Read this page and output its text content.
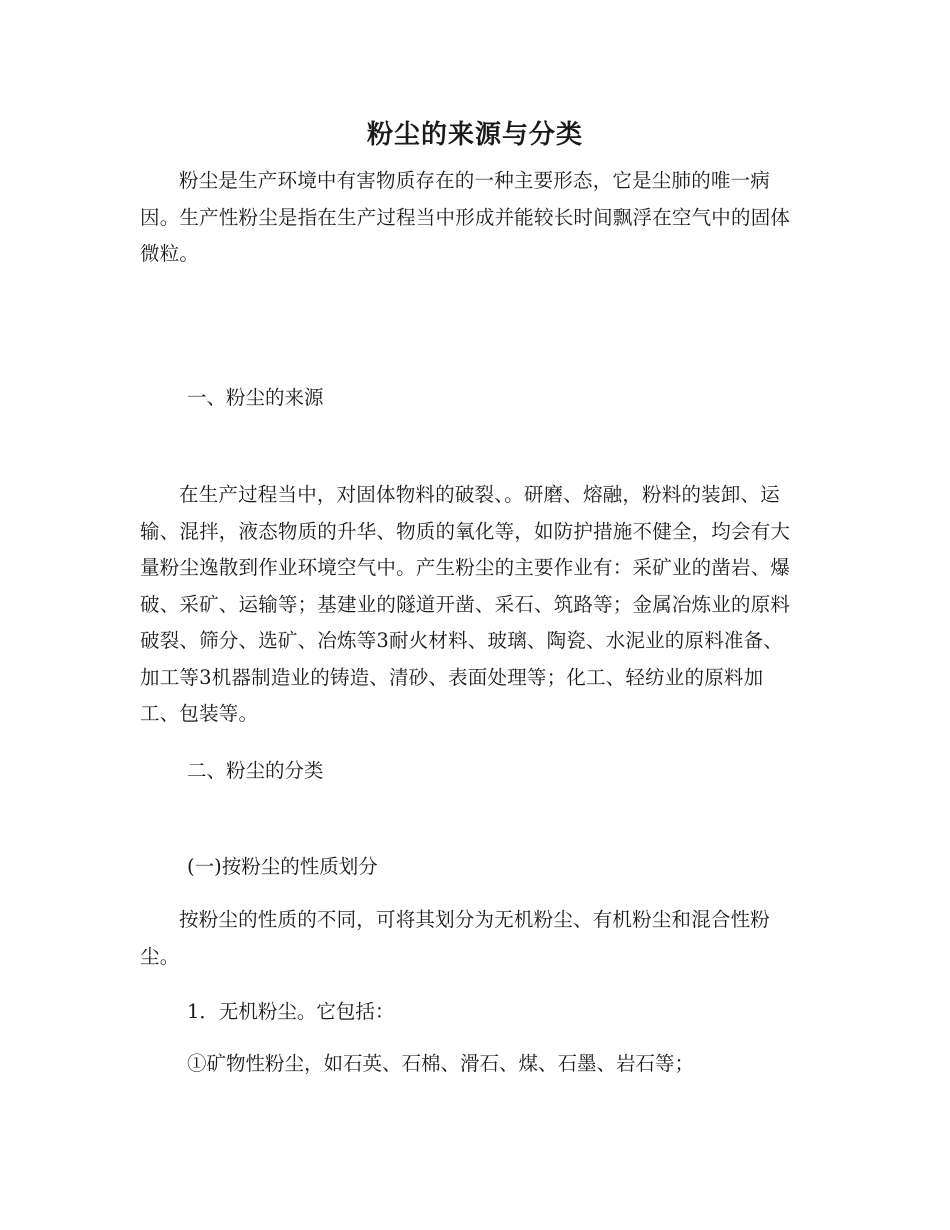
粉尘的来源与分类

粉尘是生产环境中有害物质存在的一种主要形态，它是尘肺的唯一病因。生产性粉尘是指在生产过程当中形成并能较长时间飘浮在空气中的固体微粒。

一、粉尘的来源

在生产过程当中，对固体物料的破裂、。研磨、熔融，粉料的装卸、运输、混拌，液态物质的升华、物质的氧化等，如防护措施不健全，均会有大量粉尘逸散到作业环境空气中。产生粉尘的主要作业有：采矿业的凿岩、爆破、采矿、运输等；基建业的隧道开凿、采石、筑路等；金属冶炼业的原料破裂、筛分、选矿、冶炼等3耐火材料、玻璃、陶瓷、水泥业的原料准备、加工等3机器制造业的铸造、清砂、表面处理等；化工、轻纺业的原料加工、包装等。

二、粉尘的分类

(一)按粉尘的性质划分

按粉尘的性质的不同，可将其划分为无机粉尘、有机粉尘和混合性粉尘。

1．无机粉尘。它包括：

①矿物性粉尘，如石英、石棉、滑石、煤、石墨、岩石等；
